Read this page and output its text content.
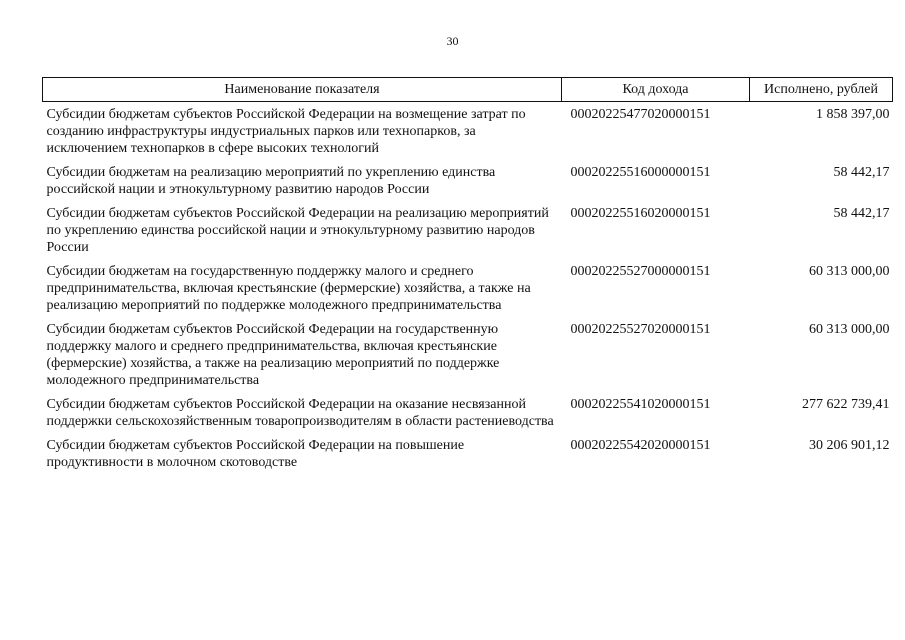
30
Наименование показателя	Код дохода	Исполнено, рублей
Субсидии бюджетам субъектов Российской Федерации на возмещение затрат по созданию инфраструктуры индустриальных парков или технопарков, за исключением технопарков в сфере высоких технологий	00020225477020000151	1 858 397,00
Субсидии бюджетам на реализацию мероприятий по укреплению единства российской нации и этнокультурному развитию народов России	00020225516000000151	58 442,17
Субсидии бюджетам субъектов Российской Федерации на реализацию мероприятий по укреплению единства российской нации и этнокультурному развитию народов России	00020225516020000151	58 442,17
Субсидии бюджетам на государственную поддержку малого и среднего предпринимательства, включая крестьянские (фермерские) хозяйства, а также на реализацию мероприятий по поддержке молодежного предпринимательства	00020225527000000151	60 313 000,00
Субсидии бюджетам субъектов Российской Федерации на государственную поддержку малого и среднего предпринимательства, включая крестьянские (фермерские) хозяйства, а также на реализацию мероприятий по поддержке молодежного предпринимательства	00020225527020000151	60 313 000,00
Субсидии бюджетам субъектов Российской Федерации на оказание несвязанной поддержки сельскохозяйственным товаропроизводителям в области растениеводства	00020225541020000151	277 622 739,41
Субсидии бюджетам субъектов Российской Федерации на повышение продуктивности в молочном скотоводстве	00020225542020000151	30 206 901,12
